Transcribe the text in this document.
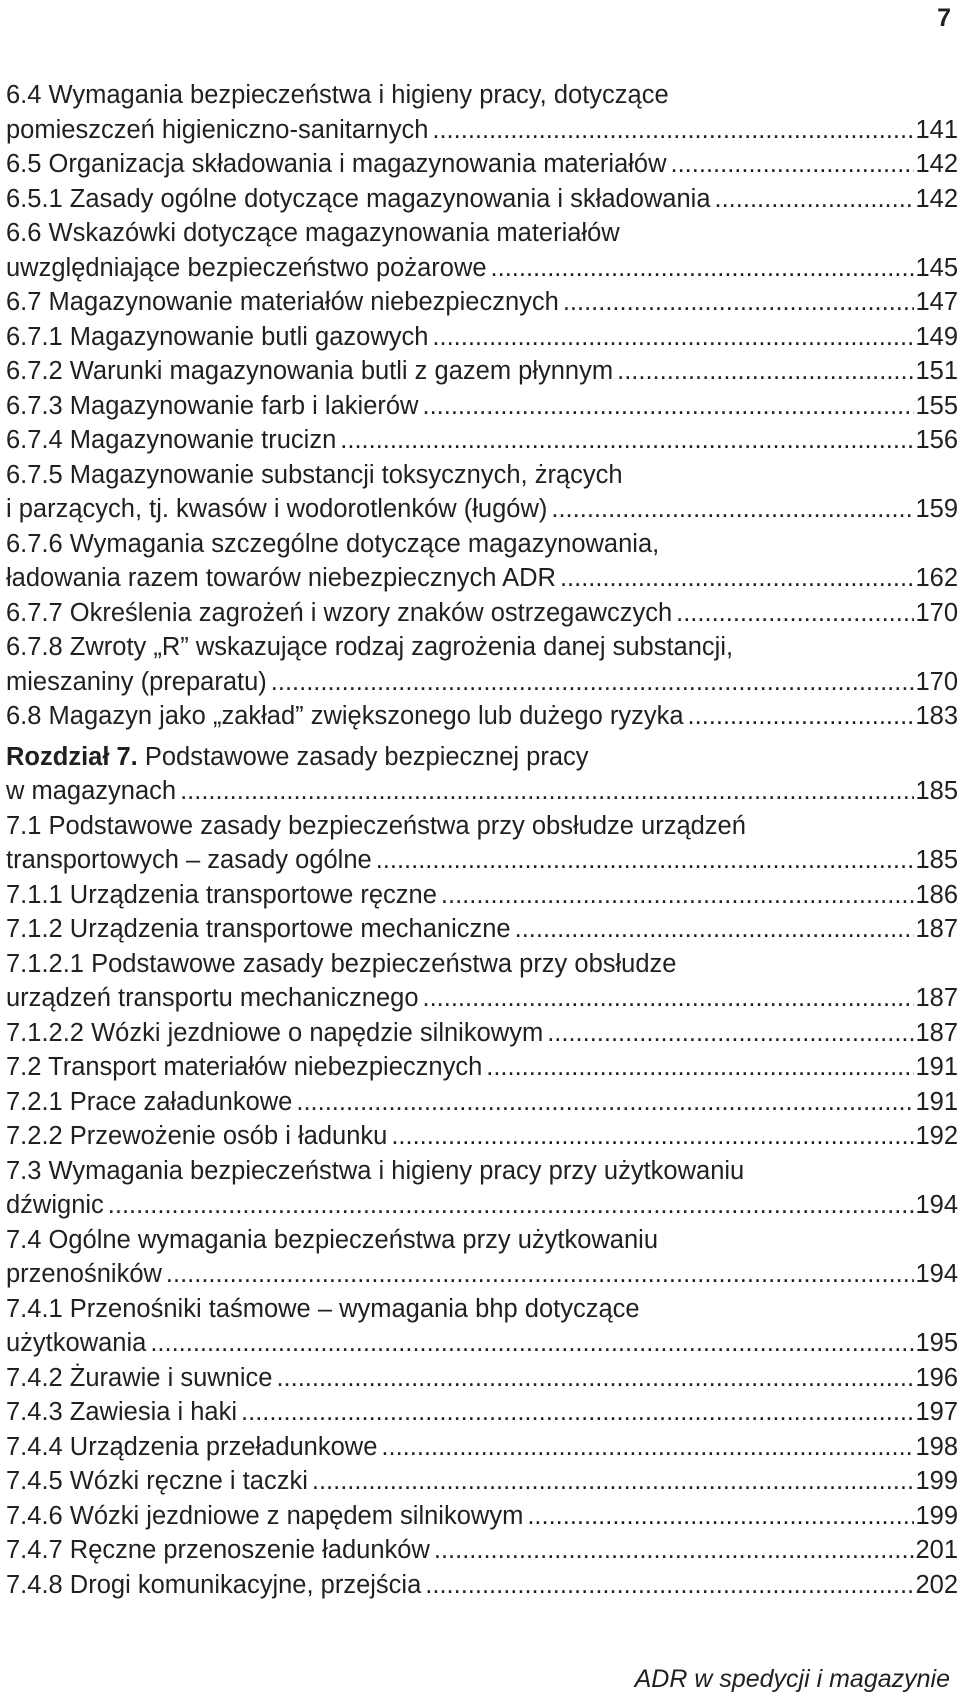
7
6.4 Wymagania bezpieczeństwa i higieny pracy, dotyczące
pomieszczeń higieniczno-sanitarnych .....	141
6.5 Organizacja składowania i magazynowania materiałów .....	142
6.5.1 Zasady ogólne dotyczące magazynowania i składowania .....	142
6.6 Wskazówki dotyczące magazynowania materiałów
uwzględniające bezpieczeństwo pożarowe .....	145
6.7 Magazynowanie materiałów niebezpiecznych .....	147
6.7.1 Magazynowanie butli gazowych .....	149
6.7.2 Warunki magazynowania butli z gazem płynnym .....	151
6.7.3 Magazynowanie farb i lakierów .....	155
6.7.4 Magazynowanie trucizn .....	156
6.7.5 Magazynowanie substancji toksycznych, żrących
i parzących, tj. kwasów i wodorotlenków (ługów) .....	159
6.7.6 Wymagania szczególne dotyczące magazynowania,
ładowania razem towarów niebezpiecznych ADR .....	162
6.7.7 Określenia zagrożeń i wzory znaków ostrzegawczych .....	170
6.7.8 Zwroty „R” wskazujące rodzaj zagrożenia danej substancji,
mieszaniny (preparatu) .....	170
6.8 Magazyn jako „zakład” zwiększonego lub dużego ryzyka .....	183
Rozdział 7. Podstawowe zasady bezpiecznej pracy
w magazynach .....	185
7.1 Podstawowe zasady bezpieczeństwa przy obsłudze urządzeń
transportowych – zasady ogólne .....	185
7.1.1 Urządzenia transportowe ręczne .....	186
7.1.2 Urządzenia transportowe mechaniczne .....	187
7.1.2.1 Podstawowe zasady bezpieczeństwa przy obsłudze
urządzeń transportu mechanicznego .....	187
7.1.2.2 Wózki jezdniowe o napędzie silnikowym .....	187
7.2 Transport materiałów niebezpiecznych .....	191
7.2.1 Prace załadunkowe .....	191
7.2.2 Przewożenie osób i ładunku .....	192
7.3 Wymagania bezpieczeństwa i higieny pracy przy użytkowaniu
dźwignic .....	194
7.4 Ogólne wymagania bezpieczeństwa przy użytkowaniu
przenośników .....	194
7.4.1 Przenośniki taśmowe – wymagania bhp dotyczące
użytkowania .....	195
7.4.2 Żurawie i suwnice .....	196
7.4.3 Zawiesia i haki .....	197
7.4.4 Urządzenia przeładunkowe .....	198
7.4.5 Wózki ręczne i taczki .....	199
7.4.6 Wózki jezdniowe z napędem silnikowym .....	199
7.4.7 Ręczne przenoszenie ładunków .....	201
7.4.8 Drogi komunikacyjne, przejścia .....	202
ADR w spedycji i magazynie
